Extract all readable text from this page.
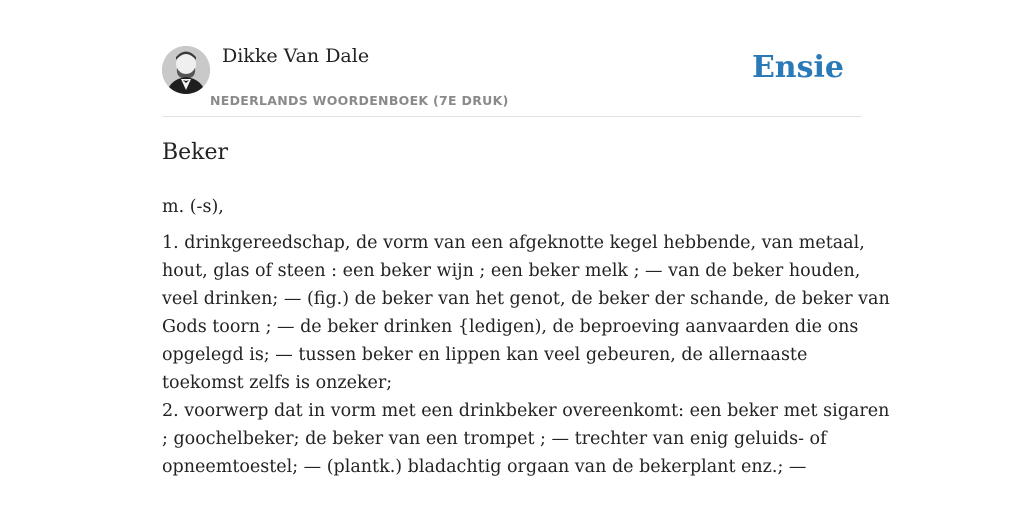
Dikke Van Dale
NEDERLANDS WOORDENBOEK (7E DRUK)
Ensie
Beker

m. (-s),

1. drinkgereedschap, de vorm van een afgeknotte kegel hebbende, van metaal,

hout, glas of steen : een beker wijn ; een beker melk ; — van de beker houden,

veel drinken; — (fig.) de beker van het genot, de beker der schande, de beker van

Gods toorn ; — de beker drinken {ledigen), de beproeving aanvaarden die ons

opgelegd is; — tussen beker en lippen kan veel gebeuren, de allernaaste

toekomst zelfs is onzeker;

2. voorwerp dat in vorm met een drinkbeker overeenkomt: een beker met sigaren

; goochelbeker; de beker van een trompet ; — trechter van enig geluids- of

opneemtoestel; — (plantk.) bladachtig orgaan van de bekerplant enz.; —
